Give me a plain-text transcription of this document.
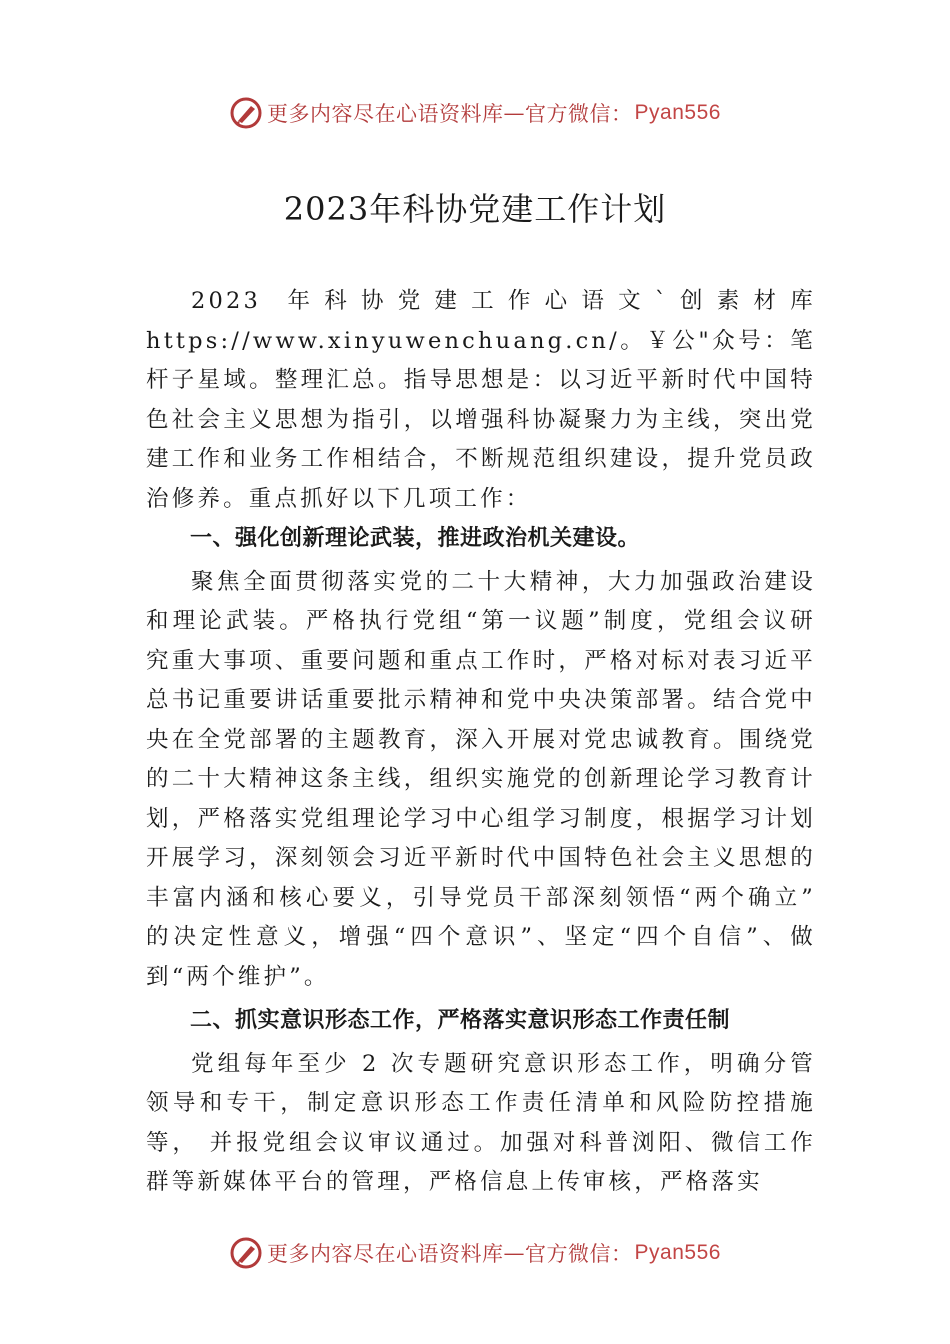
更多内容尽在心语资料库 — 官方微信： Pyan556
2023年科协党建工作计划

2023　年 科 协 党 建 工 作 心 语 文 ` 创 素 材 库 https://www.xinyuwenchuang.cn/。￥公"众号：笔杆子星域。整理汇总。指导思想是：以习近平新时代中国特色社会主义思想为指引，以增强科协凝聚力为主线，突出党建工作和业务工作相结合，不断规范组织建设，提升党员政治修养。重点抓好以下几项工作：

一、强化创新理论武装，推进政治机关建设。

聚焦全面贯彻落实党的二十大精神，大力加强政治建设和理论武装。严格执行党组“第一议题”制度，党组会议研究重大事项、重要问题和重点工作时，严格对标对表习近平总书记重要讲话重要批示精神和党中央决策部署。结合党中央在全党部署的主题教育，深入开展对党忠诚教育。围绕党的二十大精神这条主线，组织实施党的创新理论学习教育计划，严格落实党组理论学习中心组学习制度，根据学习计划开展学习，深刻领会习近平新时代中国特色社会主义思想的丰富内涵和核心要义，引导党员干部深刻领悟“两个确立” 的决定性意义，增强“四个意识”、坚定“四个自信”、做到“两个维护”。

二、抓实意识形态工作，严格落实意识形态工作责任制

党组每年至少 2 次专题研究意识形态工作，明确分管领导和专干，制定意识形态工作责任清单和风险防控措施等， 并报党组会议审议通过。加强对科普浏阳、微信工作群等新媒体平台的管理，严格信息上传审核，严格落实

更多内容尽在心语资料库 — 官方微信： Pyan556
